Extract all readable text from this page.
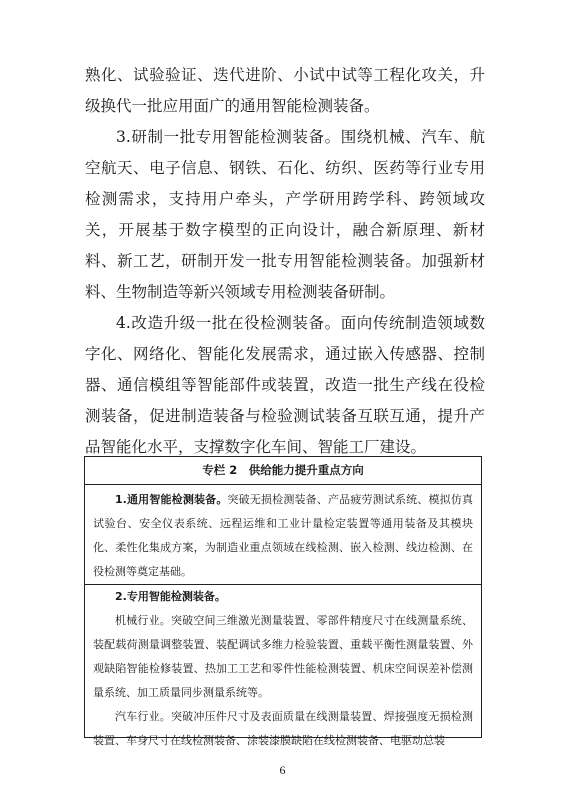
熟化、试验验证、迭代进阶、小试中试等工程化攻关，升级换代一批应用面广的通用智能检测装备。

3.研制一批专用智能检测装备。围绕机械、汽车、航空航天、电子信息、钢铁、石化、纺织、医药等行业专用检测需求，支持用户牵头，产学研用跨学科、跨领域攻关，开展基于数字模型的正向设计，融合新原理、新材料、新工艺，研制开发一批专用智能检测装备。加强新材料、生物制造等新兴领域专用检测装备研制。

4.改造升级一批在役检测装备。面向传统制造领域数字化、网络化、智能化发展需求，通过嵌入传感器、控制器、通信模组等智能部件或装置，改造一批生产线在役检测装备，促进制造装备与检验测试装备互联互通，提升产品智能化水平，支撑数字化车间、智能工厂建设。

专栏 2　供给能力提升重点方向

1.通用智能检测装备。突破无损检测装备、产品疲劳测试系统、模拟仿真试验台、安全仪表系统、远程运维和工业计量检定装置等通用装备及其模块化、柔性化集成方案，为制造业重点领域在线检测、嵌入检测、线边检测、在役检测等奠定基础。

2.专用智能检测装备。

机械行业。突破空间三维激光测量装置、零部件精度尺寸在线测量系统、装配载荷测量调整装置、装配调试多维力检验装置、重载平衡性测量装置、外观缺陷智能检修装置、热加工工艺和零件性能检测装置、机床空间误差补偿测量系统、加工质量同步测量系统等。

汽车行业。突破冲压件尺寸及表面质量在线测量装置、焊接强度无损检测装置、车身尺寸在线检测装备、涂装漆膜缺陷在线检测装备、电驱动总装

6
